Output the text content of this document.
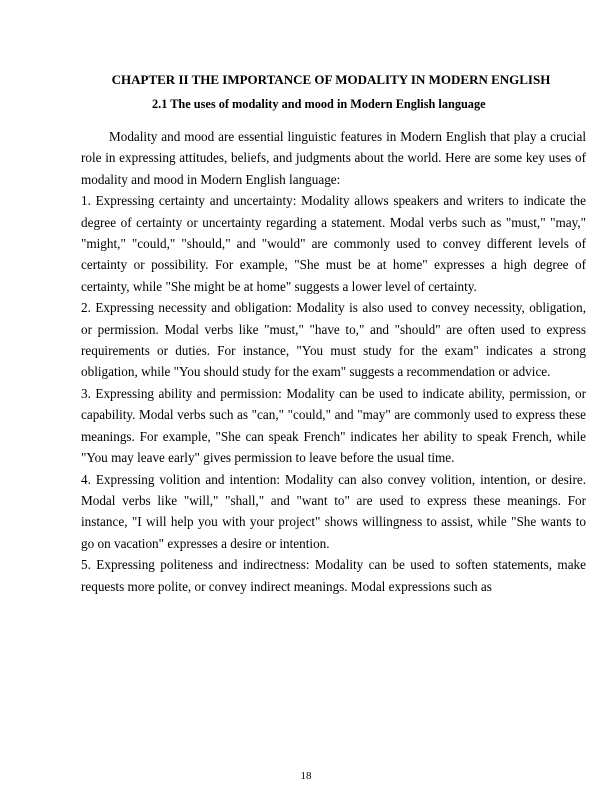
CHAPTER II THE IMPORTANCE OF MODALITY IN MODERN ENGLISH
2.1 The uses of modality and mood in Modern English language

Modality and mood are essential linguistic features in Modern English that play a crucial role in expressing attitudes, beliefs, and judgments about the world. Here are some key uses of modality and mood in Modern English language:

1. Expressing certainty and uncertainty: Modality allows speakers and writers to indicate the degree of certainty or uncertainty regarding a statement. Modal verbs such as "must," "may," "might," "could," "should," and "would" are commonly used to convey different levels of certainty or possibility. For example, "She must be at home" expresses a high degree of certainty, while "She might be at home" suggests a lower level of certainty.

2. Expressing necessity and obligation: Modality is also used to convey necessity, obligation, or permission. Modal verbs like "must," "have to," and "should" are often used to express requirements or duties. For instance, "You must study for the exam" indicates a strong obligation, while "You should study for the exam" suggests a recommendation or advice.

3. Expressing ability and permission: Modality can be used to indicate ability, permission, or capability. Modal verbs such as "can," "could," and "may" are commonly used to express these meanings. For example, "She can speak French" indicates her ability to speak French, while "You may leave early" gives permission to leave before the usual time.

4. Expressing volition and intention: Modality can also convey volition, intention, or desire. Modal verbs like "will," "shall," and "want to" are used to express these meanings. For instance, "I will help you with your project" shows willingness to assist, while "She wants to go on vacation" expresses a desire or intention.

5. Expressing politeness and indirectness: Modality can be used to soften statements, make requests more polite, or convey indirect meanings. Modal expressions such as

18
